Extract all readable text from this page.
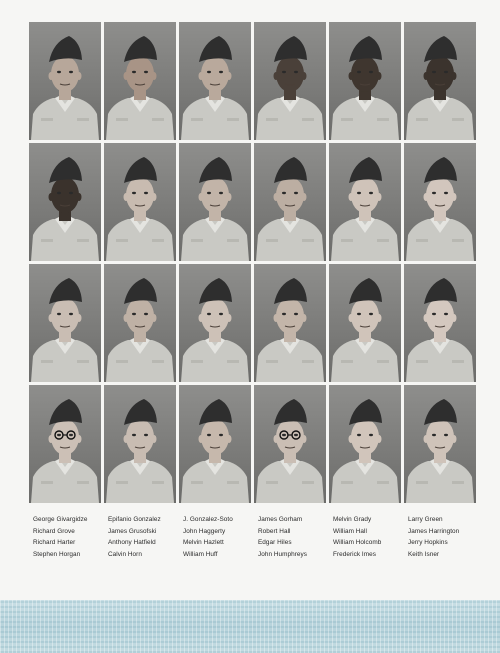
George Givargidze
Richard Grove
Richard Harter
Stephen Horgan
Epifanio Gonzalez
James Grusofski
Anthony Hatfield
Calvin Horn
J. Gonzalez-Soto
John Haggerty
Melvin Hazlett
William Huff
James Gorham
Robert Hall
Edgar Hiles
John Humphreys
Melvin Grady
William Hall
William Holcomb
Frederick Imes
Larry Green
James Harrington
Jerry Hopkins
Keith Isner
